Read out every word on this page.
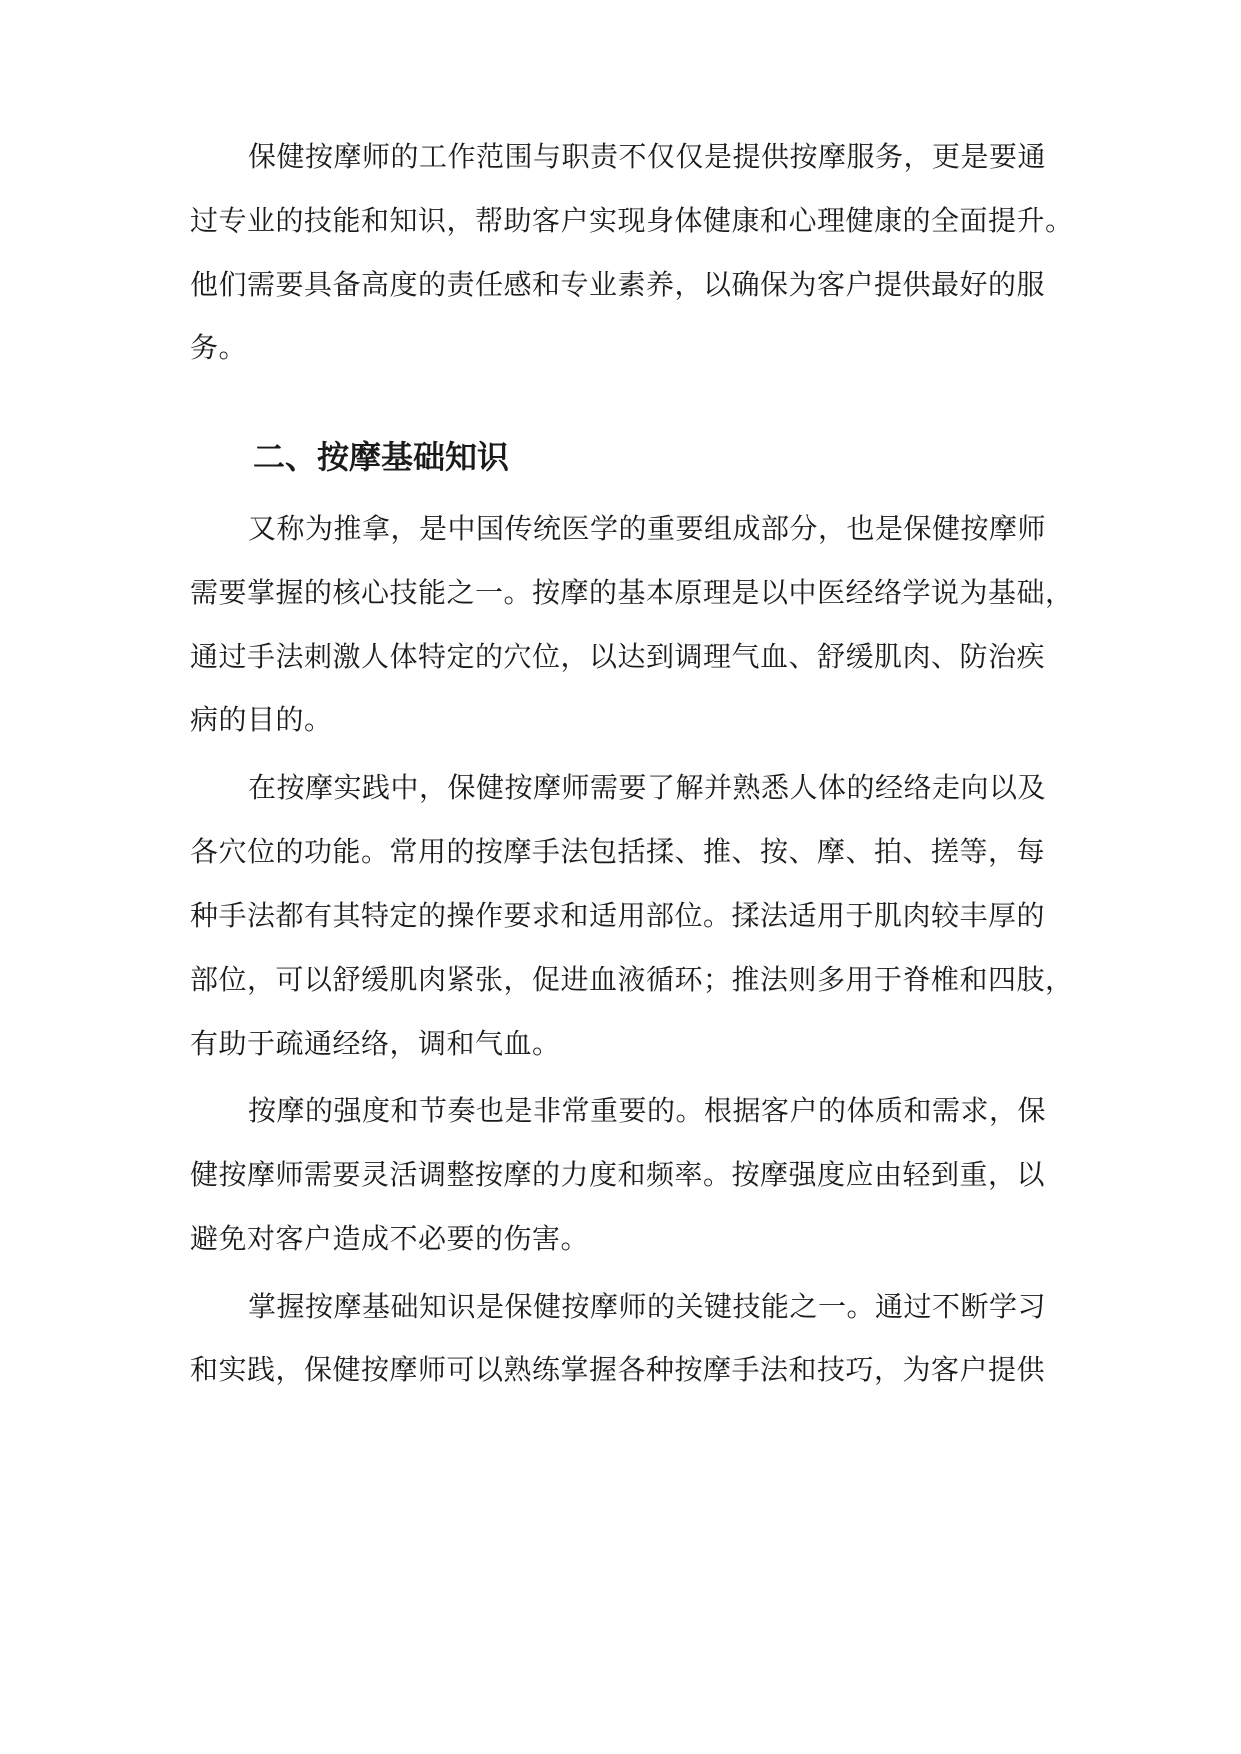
保健按摩师的工作范围与职责不仅仅是提供按摩服务，更是要通
过专业的技能和知识，帮助客户实现身体健康和心理健康的全面提升。
他们需要具备高度的责任感和专业素养，以确保为客户提供最好的服
务。
二、按摩基础知识
又称为推拿，是中国传统医学的重要组成部分，也是保健按摩师
需要掌握的核心技能之一。按摩的基本原理是以中医经络学说为基础，
通过手法刺激人体特定的穴位，以达到调理气血、舒缓肌肉、防治疾
病的目的。
在按摩实践中，保健按摩师需要了解并熟悉人体的经络走向以及
各穴位的功能。常用的按摩手法包括揉、推、按、摩、拍、搓等，每
种手法都有其特定的操作要求和适用部位。揉法适用于肌肉较丰厚的
部位，可以舒缓肌肉紧张，促进血液循环；推法则多用于脊椎和四肢，
有助于疏通经络，调和气血。
按摩的强度和节奏也是非常重要的。根据客户的体质和需求，保
健按摩师需要灵活调整按摩的力度和频率。按摩强度应由轻到重，以
避免对客户造成不必要的伤害。
掌握按摩基础知识是保健按摩师的关键技能之一。通过不断学习
和实践，保健按摩师可以熟练掌握各种按摩手法和技巧，为客户提供
